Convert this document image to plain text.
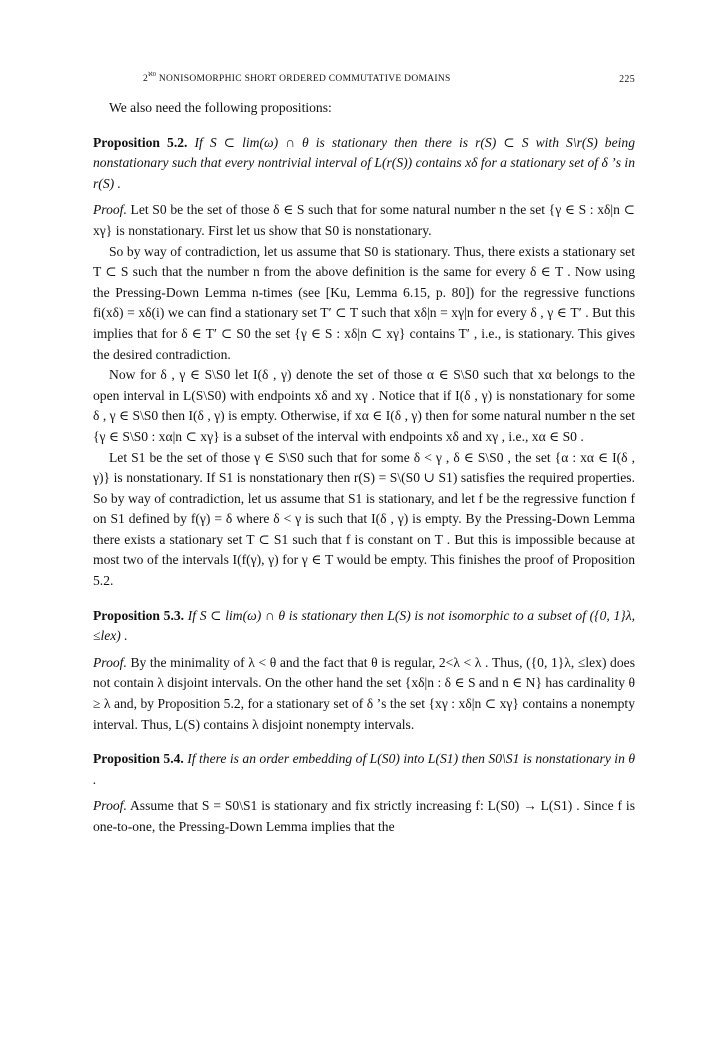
$2^{ℵ0}$ NONISOMORPHIC SHORT ORDERED COMMUTATIVE DOMAINS	225

We also need the following propositions:

Proposition 5.2. If S ⊂ lim(ω) ∩ θ is stationary then there is r(S) ⊂ S with S\r(S) being nonstationary such that every nontrivial interval of L(r(S)) contains xδ for a stationary set of δ ’s in r(S) .

Proof. Let S0 be the set of those δ ∈ S such that for some natural number n the set {γ ∈ S : xδ|n ⊂ xγ} is nonstationary. First let us show that S0 is nonstationary.

So by way of contradiction, let us assume that S0 is stationary. Thus, there exists a stationary set T ⊂ S such that the number n from the above definition is the same for every δ ∈ T . Now using the Pressing-Down Lemma n-times (see [Ku, Lemma 6.15, p. 80]) for the regressive functions fi(xδ) = xδ(i) we can find a stationary set T′ ⊂ T such that xδ|n = xγ|n for every δ , γ ∈ T′ . But this implies that for δ ∈ T′ ⊂ S0 the set {γ ∈ S : xδ|n ⊂ xγ} contains T′ , i.e., is stationary. This gives the desired contradiction.

Now for δ , γ ∈ S\S0 let I(δ , γ) denote the set of those α ∈ S\S0 such that xα belongs to the open interval in L(S\S0) with endpoints xδ and xγ . Notice that if I(δ , γ) is nonstationary for some δ , γ ∈ S\S0 then I(δ , γ) is empty. Otherwise, if xα ∈ I(δ , γ) then for some natural number n the set {γ ∈ S\S0 : xα|n ⊂ xγ} is a subset of the interval with endpoints xδ and xγ , i.e., xα ∈ S0 .

Let S1 be the set of those γ ∈ S\S0 such that for some δ < γ , δ ∈ S\S0 , the set {α : xα ∈ I(δ , γ)} is nonstationary. If S1 is nonstationary then r(S) = S\(S0 ∪ S1) satisfies the required properties. So by way of contradiction, let us assume that S1 is stationary, and let f be the regressive function f on S1 defined by f(γ) = δ where δ < γ is such that I(δ , γ) is empty. By the Pressing-Down Lemma there exists a stationary set T ⊂ S1 such that f is constant on T . But this is impossible because at most two of the intervals I(f(γ), γ) for γ ∈ T would be empty. This finishes the proof of Proposition 5.2.

Proposition 5.3. If S ⊂ lim(ω) ∩ θ is stationary then L(S) is not isomorphic to a subset of ({0, 1}λ, ≤lex) .

Proof. By the minimality of λ < θ and the fact that θ is regular, 2<λ < λ . Thus, ({0, 1}λ, ≤lex) does not contain λ disjoint intervals. On the other hand the set {xδ|n : δ ∈ S and n ∈ N} has cardinality θ ≥ λ and, by Proposition 5.2, for a stationary set of δ ’s the set {xγ : xδ|n ⊂ xγ} contains a nonempty interval. Thus, L(S) contains λ disjoint nonempty intervals.

Proposition 5.4. If there is an order embedding of L(S0) into L(S1) then S0\S1 is nonstationary in θ .

Proof. Assume that S = S0\S1 is stationary and fix strictly increasing f: L(S0) → L(S1) . Since f is one-to-one, the Pressing-Down Lemma implies that the
